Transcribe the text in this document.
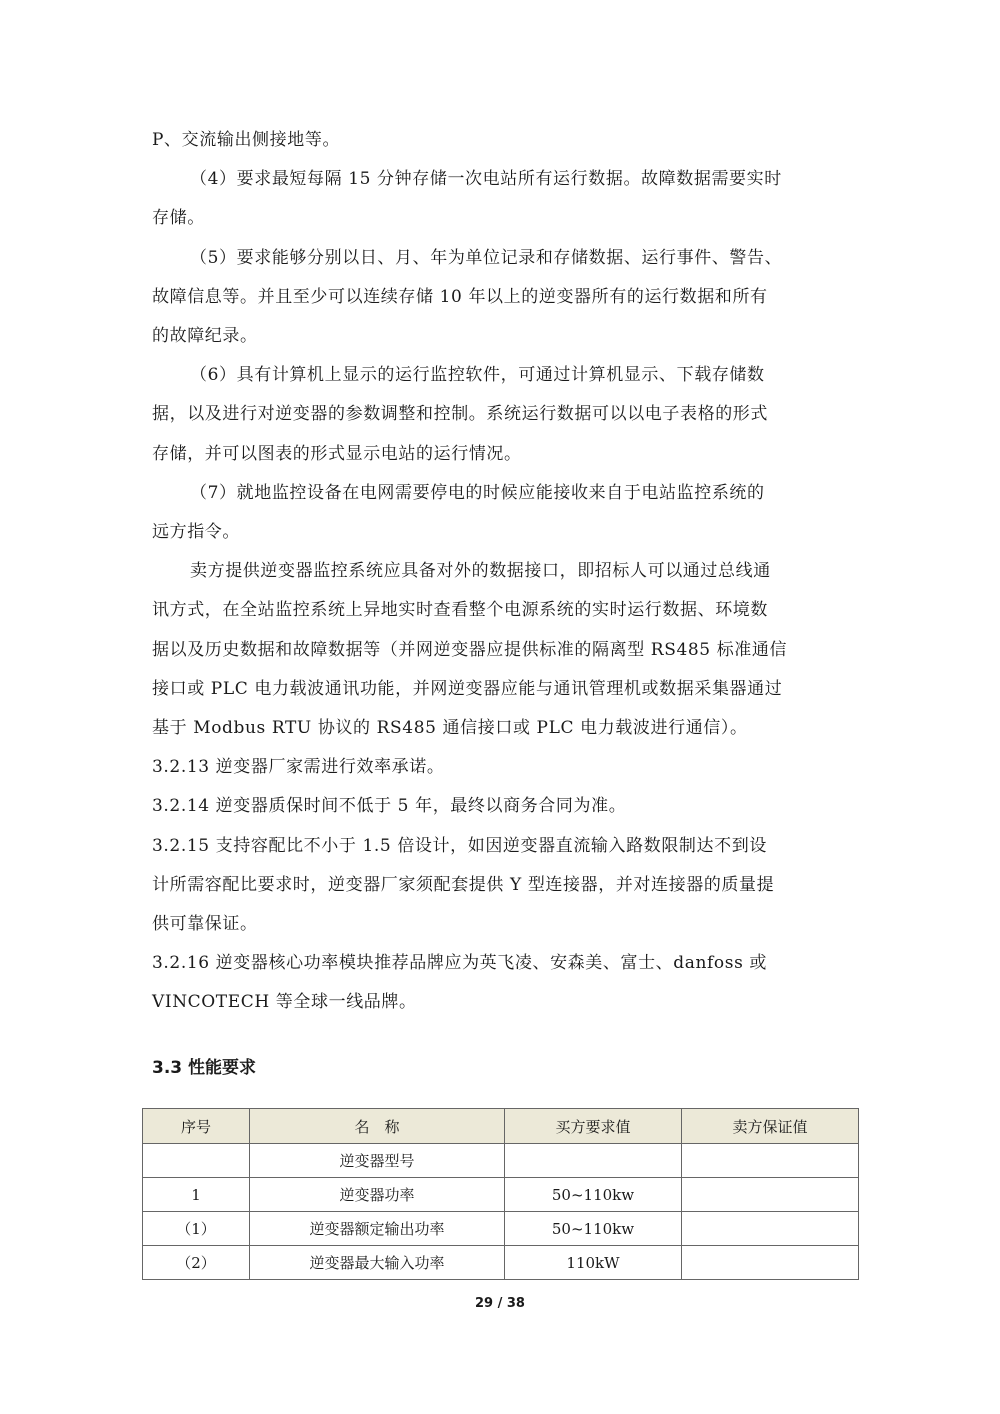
P、交流输出侧接地等。
（4）要求最短每隔 15 分钟存储一次电站所有运行数据。故障数据需要实时
存储。
（5）要求能够分别以日、月、年为单位记录和存储数据、运行事件、警告、
故障信息等。并且至少可以连续存储 10 年以上的逆变器所有的运行数据和所有
的故障纪录。
（6）具有计算机上显示的运行监控软件，可通过计算机显示、下载存储数
据，以及进行对逆变器的参数调整和控制。系统运行数据可以以电子表格的形式
存储，并可以图表的形式显示电站的运行情况。
（7）就地监控设备在电网需要停电的时候应能接收来自于电站监控系统的
远方指令。
卖方提供逆变器监控系统应具备对外的数据接口，即招标人可以通过总线通
讯方式，在全站监控系统上异地实时查看整个电源系统的实时运行数据、环境数
据以及历史数据和故障数据等（并网逆变器应提供标准的隔离型 RS485 标准通信
接口或 PLC 电力载波通讯功能，并网逆变器应能与通讯管理机或数据采集器通过
基于 Modbus RTU 协议的 RS485 通信接口或 PLC 电力载波进行通信）。
3.2.13 逆变器厂家需进行效率承诺。
3.2.14 逆变器质保时间不低于 5 年，最终以商务合同为准。
3.2.15 支持容配比不小于 1.5 倍设计，如因逆变器直流输入路数限制达不到设
计所需容配比要求时，逆变器厂家须配套提供 Y 型连接器，并对连接器的质量提
供可靠保证。
3.2.16 逆变器核心功率模块推荐品牌应为英飞凌、安森美、富士、danfoss 或
VINCOTECH 等全球一线品牌。
3.3 性能要求
序号	名　称	买方要求值	卖方保证值
	逆变器型号		
1	逆变器功率	50~110kw	
（1）	逆变器额定输出功率	50~110kw	
（2）	逆变器最大输入功率	110kW	
29 / 38
